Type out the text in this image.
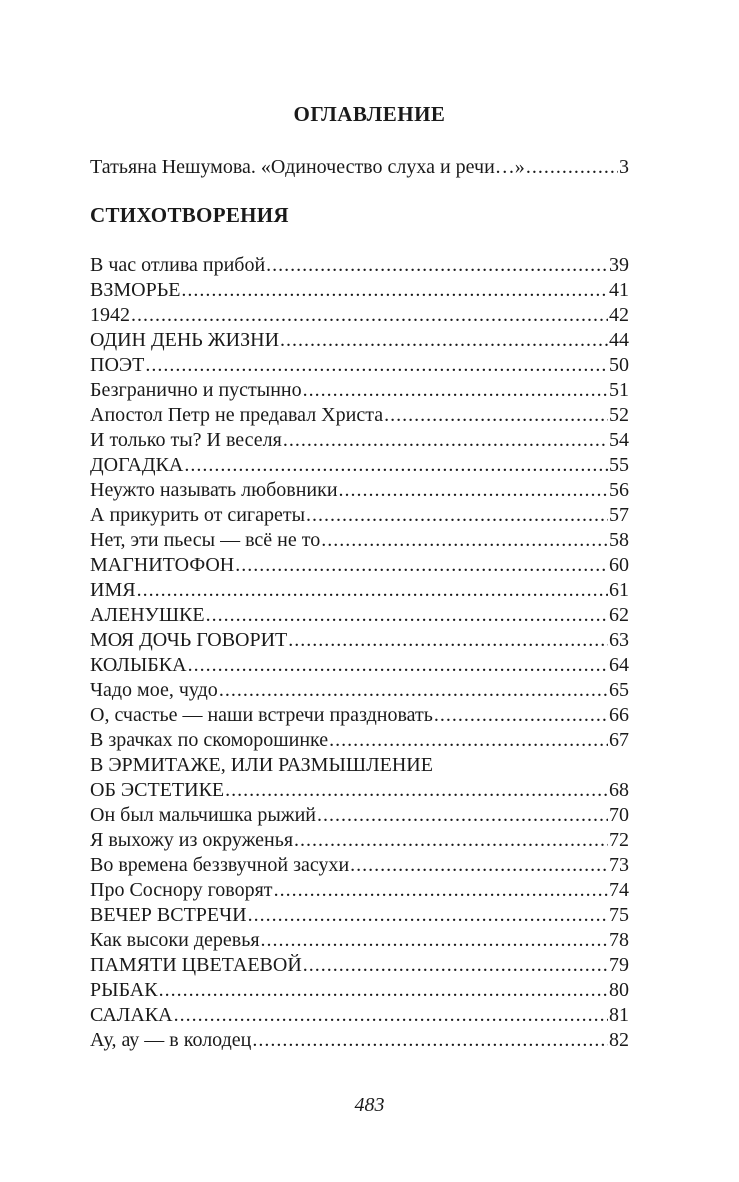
ОГЛАВЛЕНИЕ
Татьяна Нешумова. «Одиночество слуха и речи…» .....	3
СТИХОТВОРЕНИЯ
В час отлива прибой .....	39
ВЗМОРЬЕ .....	41
1942 .....	42
ОДИН ДЕНЬ ЖИЗНИ .....	44
ПОЭТ .....	50
Безгранично и пустынно .....	51
Апостол Петр не предавал Христа .....	52
И только ты? И веселя .....	54
ДОГАДКА .....	55
Неужто называть любовники .....	56
А прикурить от сигареты .....	57
Нет, эти пьесы — всё не то .....	58
МАГНИТОФОН .....	60
ИМЯ .....	61
АЛЕНУШКЕ .....	62
МОЯ ДОЧЬ ГОВОРИТ .....	63
КОЛЫБКА .....	64
Чадо мое, чудо .....	65
О, счастье — наши встречи праздновать .....	66
В зрачках по скоморошинке .....	67
В ЭРМИТАЖЕ, ИЛИ РАЗМЫШЛЕНИЕ
ОБ ЭСТЕТИКЕ .....	68
Он был мальчишка рыжий .....	70
Я выхожу из окруженья .....	72
Во времена беззвучной засухи .....	73
Про Соснору говорят .....	74
ВЕЧЕР ВСТРЕЧИ .....	75
Как высоки деревья .....	78
ПАМЯТИ ЦВЕТАЕВОЙ .....	79
РЫБАК .....	80
САЛАКА .....	81
Ау, ау — в колодец .....	82
483
